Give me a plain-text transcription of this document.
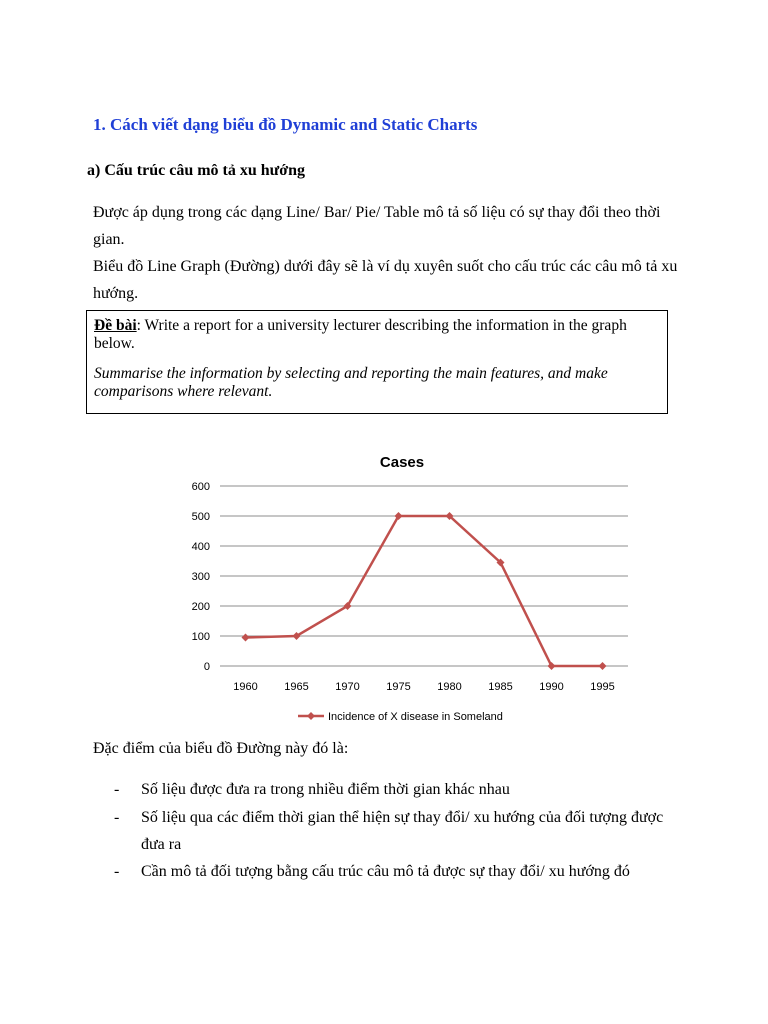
1. Cách viết dạng biểu đồ Dynamic and Static Charts
a) Cấu trúc câu mô tả xu hướng
Được áp dụng trong các dạng Line/ Bar/ Pie/ Table mô tả số liệu có sự thay đổi theo thời gian.
Biểu đồ Line Graph (Đường) dưới đây sẽ là ví dụ xuyên suốt cho cấu trúc các câu mô tả xu hướng.
Đề bài: Write a report for a university lecturer describing the information in the graph below.
Summarise the information by selecting and reporting the main features, and make comparisons where relevant.
Cases
0
100
200
300
400
500
600
1960 1965 1970 1975 1980 1985 1990 1995
Incidence of X disease in Someland
Đặc điểm của biểu đồ Đường này đó là:
- Số liệu được đưa ra trong nhiều điểm thời gian khác nhau
- Số liệu qua các điểm thời gian thể hiện sự thay đổi/ xu hướng của đối tượng được đưa ra
- Cần mô tả đối tượng bằng cấu trúc câu mô tả được sự thay đổi/ xu hướng đó
